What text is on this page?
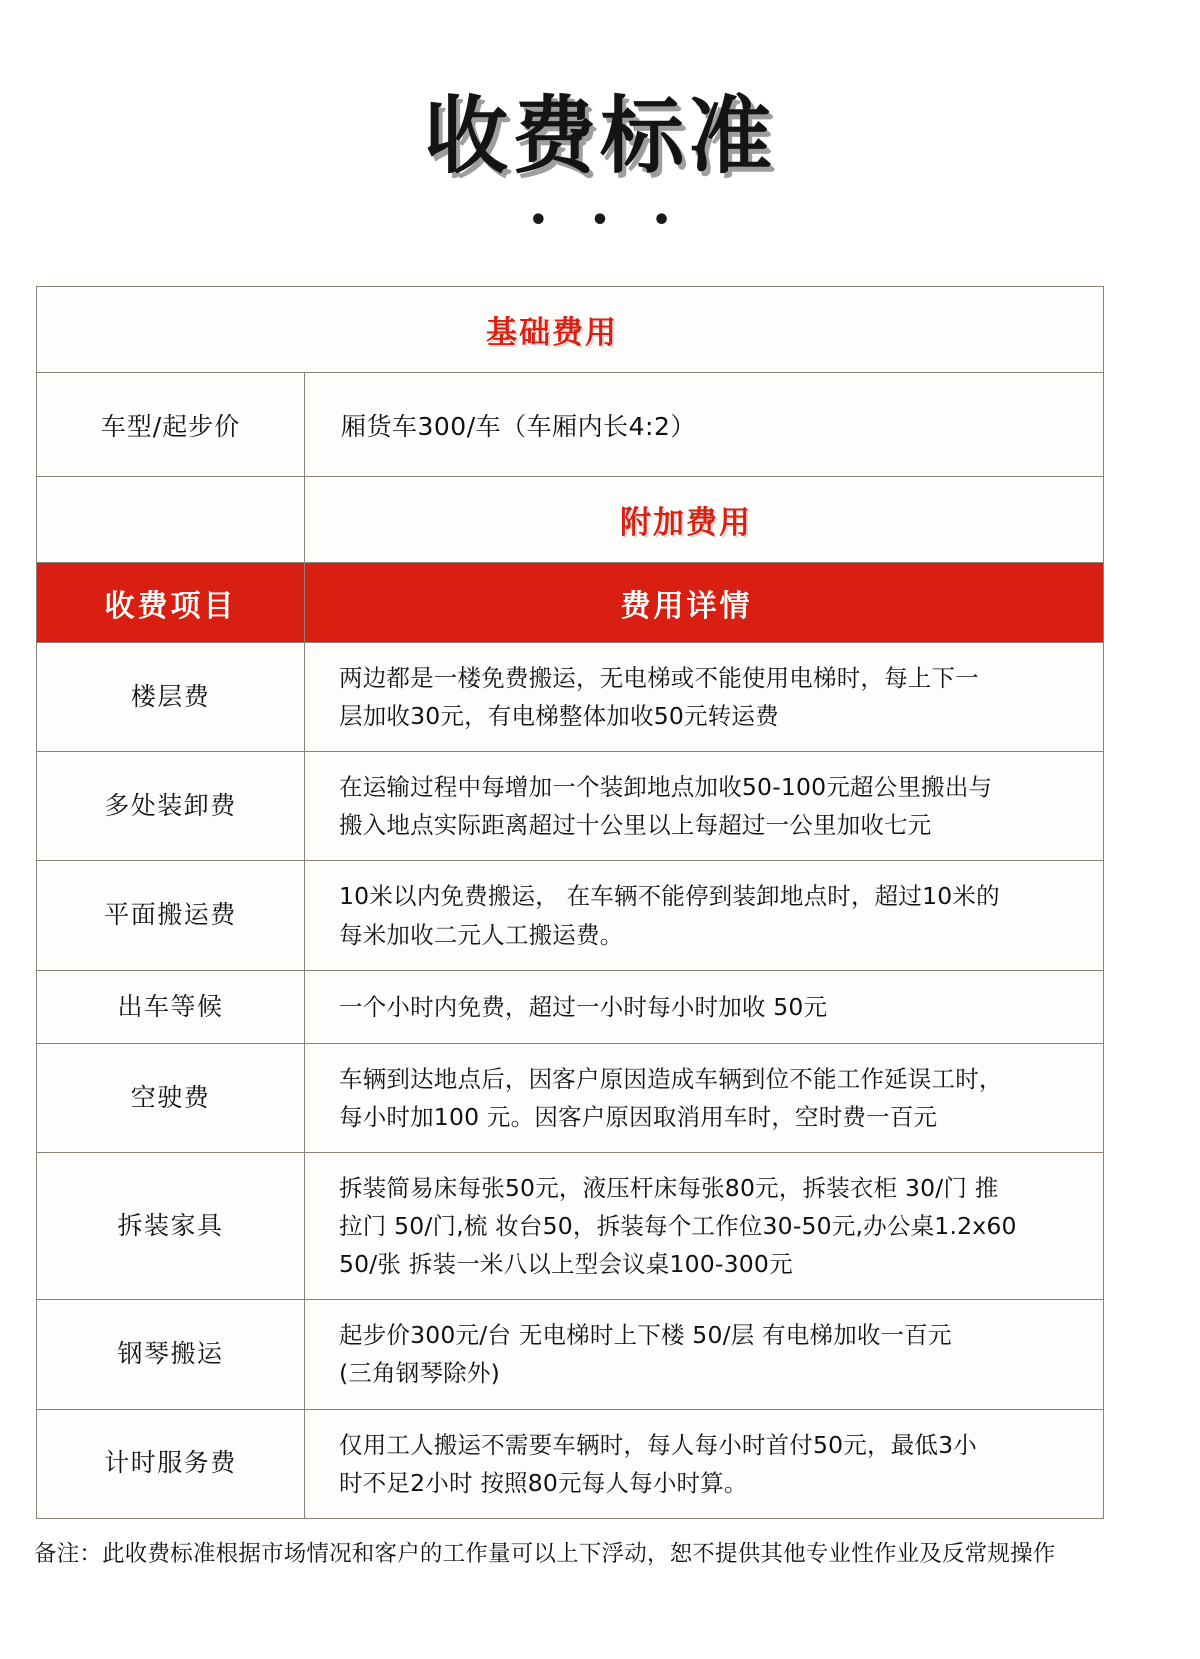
收费标准
• • •
基础费用	

车型/起步价	厢货车300/车（车厢内长4:2）

	附加费用

收费项目	费用详情
楼层费	两边都是一楼免费搬运，无电梯或不能使用电梯时，每上下一
层加收30元，有电梯整体加收50元转运费

多处装卸费	在运输过程中每增加一个装卸地点加收50-100元超公里搬出与
搬入地点实际距离超过十公里以上每超过一公里加收七元

平面搬运费	10米以内免费搬运， 在车辆不能停到装卸地点时，超过10米的
每米加收二元人工搬运费。

出车等候	一个小时内免费，超过一小时每小时加收 50元

空驶费	车辆到达地点后，因客户原因造成车辆到位不能工作延误工时，
每小时加100 元。因客户原因取消用车时，空时费一百元

拆装家具	拆装简易床每张50元，液压杆床每张80元，拆装衣柜 30/门 推
拉门 50/门,梳 妆台50，拆装每个工作位30-50元,办公桌1.2x60
50/张 拆装一米八以上型会议桌100-300元

钢琴搬运	起步价300元/台 无电梯时上下楼 50/层 有电梯加收一百元
(三角钢琴除外)

计时服务费	仅用工人搬运不需要车辆时，每人每小时首付50元，最低3小
时不足2小时 按照80元每人每小时算。
备注：此收费标准根据市场情况和客户的工作量可以上下浮动，恕不提供其他专业性作业及反常规操作
